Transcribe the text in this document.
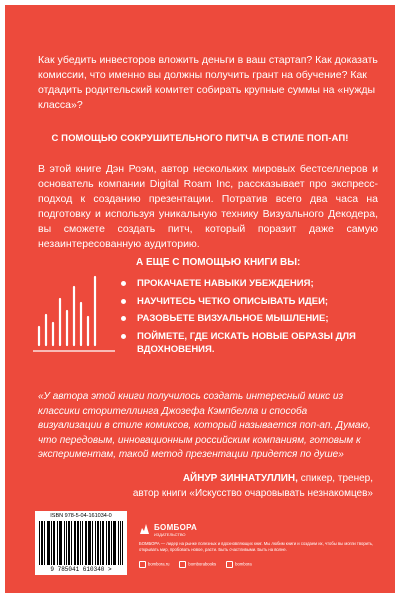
Как убедить инвесторов вложить деньги в ваш стартап? Как доказать комиссии, что именно вы должны получить грант на обучение? Как отдадить родительский комитет собирать крупные суммы на «нужды класса»?
С ПОМОЩЬЮ СОКРУШИТЕЛЬНОГО ПИТЧА В СТИЛЕ ПОП-АП!
В этой книге Дэн Роэм, автор нескольких мировых бестселлеров и основатель компании Digital Roam Inc, рассказывает про экспресс-подход к созданию презентации. Потратив всего два часа на подготовку и используя уникальную технику Визуального Декодера, вы сможете создать питч, который поразит даже самую незаинтересованную аудиторию.
А ЕЩЕ С ПОМОЩЬЮ КНИГИ ВЫ:
ПРОКАЧАЕТЕ НАВЫКИ УБЕЖДЕНИЯ;
НАУЧИТЕСЬ ЧЕТКО ОПИСЫВАТЬ ИДЕИ;
РАЗОВЬЕТЕ ВИЗУАЛЬНОЕ МЫШЛЕНИЕ;
ПОЙМЕТЕ, ГДЕ ИСКАТЬ НОВЫЕ ОБРАЗЫ ДЛЯ ВДОХНОВЕНИЯ.
«У автора этой книги получилось создать интересный микс из классики сторителлинга Джозефа Кэмпбелла и способа визуализации в стиле комиксов, который называется поп-ап. Думаю, что передовым, инновационным российским компаниям, готовым к экспериментам, такой метод презентации придется по душе»
АЙНУР ЗИННАТУЛЛИН, спикер, тренер,
автор книги «Искусство очаровывать незнакомцев»
ISBN 978-5-04-161034-0
9 785041 610340 >
БОМБОРА
ИЗДАТЕЛЬСТВО
БОМБОРА — лидер на рынке полезных и вдохновляющих книг. Мы любим книги и создаем их, чтобы вы могли творить, открывать мир, пробовать новое, расти. Быть счастливыми. Быть на волне.
bombora.ru	bomborabooks	bombora
